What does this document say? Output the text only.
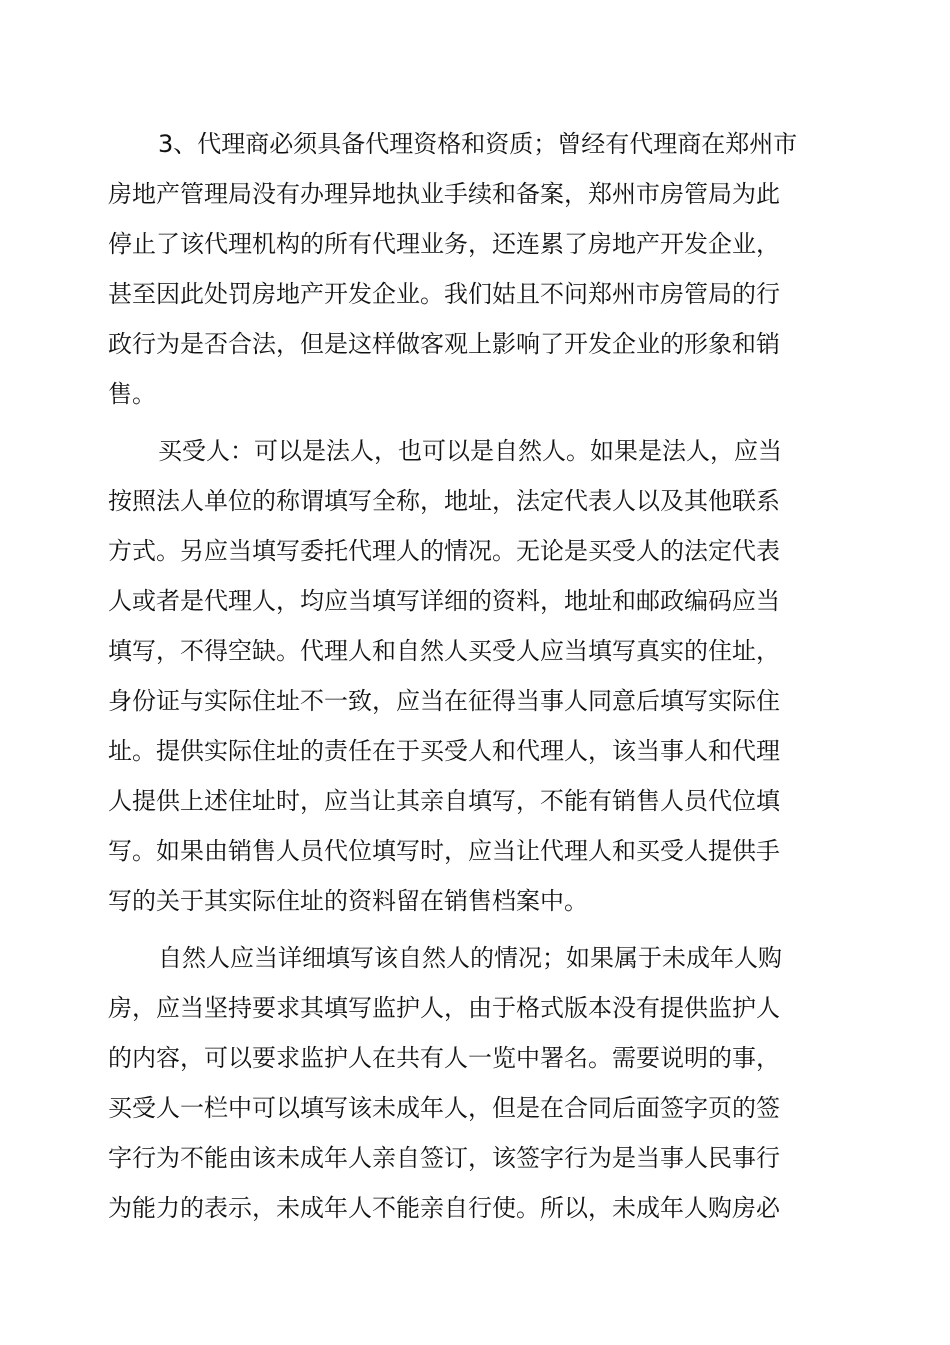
3、代理商必须具备代理资格和资质；曾经有代理商在郑州市
房地产管理局没有办理异地执业手续和备案，郑州市房管局为此
停止了该代理机构的所有代理业务，还连累了房地产开发企业，
甚至因此处罚房地产开发企业。我们姑且不问郑州市房管局的行
政行为是否合法，但是这样做客观上影响了开发企业的形象和销
售。
买受人：可以是法人，也可以是自然人。如果是法人，应当
按照法人单位的称谓填写全称，地址，法定代表人以及其他联系
方式。另应当填写委托代理人的情况。无论是买受人的法定代表
人或者是代理人，均应当填写详细的资料，地址和邮政编码应当
填写，不得空缺。代理人和自然人买受人应当填写真实的住址，
身份证与实际住址不一致，应当在征得当事人同意后填写实际住
址。提供实际住址的责任在于买受人和代理人，该当事人和代理
人提供上述住址时，应当让其亲自填写，不能有销售人员代位填
写。如果由销售人员代位填写时，应当让代理人和买受人提供手
写的关于其实际住址的资料留在销售档案中。
自然人应当详细填写该自然人的情况；如果属于未成年人购
房，应当坚持要求其填写监护人，由于格式版本没有提供监护人
的内容，可以要求监护人在共有人一览中署名。需要说明的事，
买受人一栏中可以填写该未成年人，但是在合同后面签字页的签
字行为不能由该未成年人亲自签订，该签字行为是当事人民事行
为能力的表示，未成年人不能亲自行使。所以，未成年人购房必
